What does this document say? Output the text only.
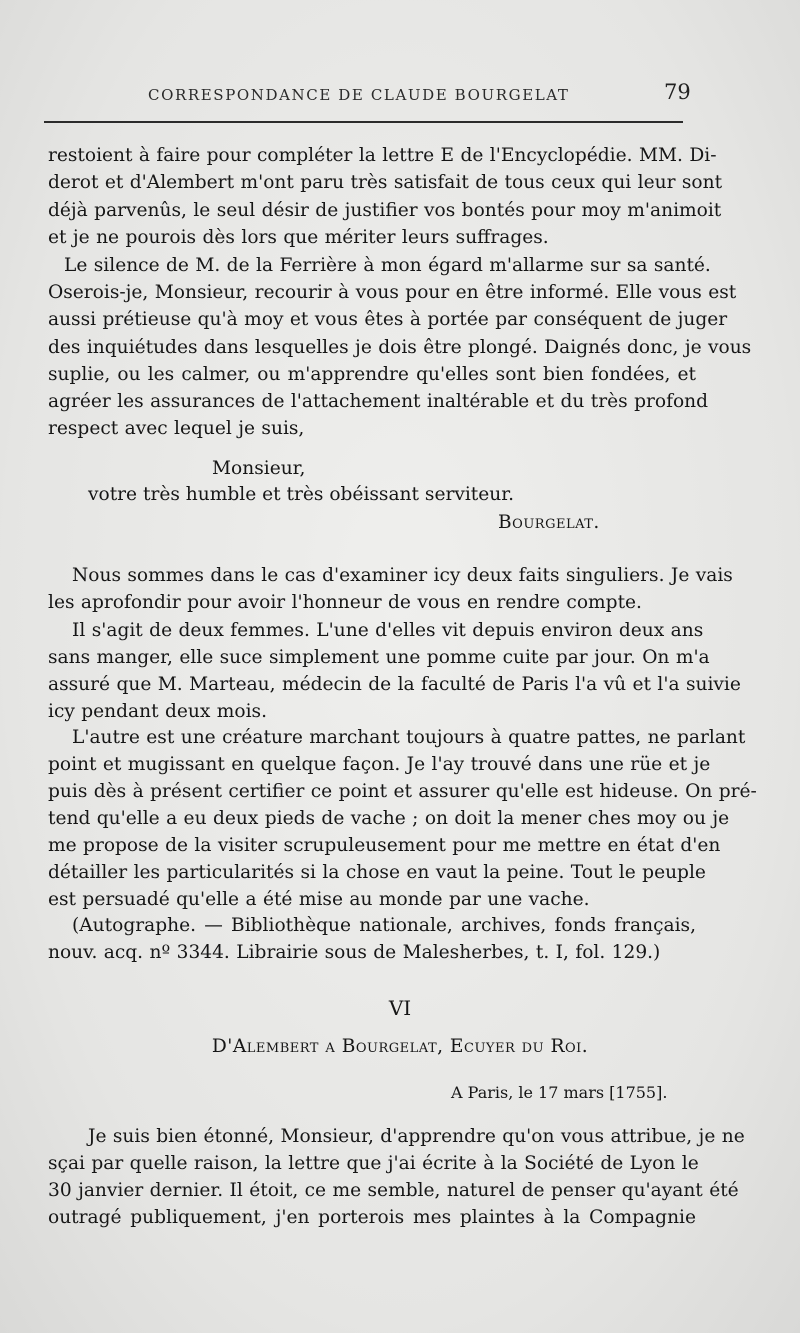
CORRESPONDANCE DE CLAUDE BOURGELAT	79
restoient à faire pour compléter la lettre E de l'Encyclopédie. MM. Di-
derot et d'Alembert m'ont paru très satisfait de tous ceux qui leur sont
déjà parvenûs, le seul désir de justifier vos bontés pour moy m'animoit
et je ne pourois dès lors que mériter leurs suffrages.
Le silence de M. de la Ferrière à mon égard m'allarme sur sa santé.
Oserois-je, Monsieur, recourir à vous pour en être informé. Elle vous est
aussi prétieuse qu'à moy et vous êtes à portée par conséquent de juger
des inquiétudes dans lesquelles je dois être plongé. Daignés donc, je vous
suplie, ou les calmer, ou m'apprendre qu'elles sont bien fondées, et
agréer les assurances de l'attachement inaltérable et du très profond
respect avec lequel je suis,
Monsieur,
votre très humble et très obéissant serviteur.
Bourgelat.
Nous sommes dans le cas d'examiner icy deux faits singuliers. Je vais
les aprofondir pour avoir l'honneur de vous en rendre compte.
Il s'agit de deux femmes. L'une d'elles vit depuis environ deux ans
sans manger, elle suce simplement une pomme cuite par jour. On m'a
assuré que M. Marteau, médecin de la faculté de Paris l'a vû et l'a suivie
icy pendant deux mois.
L'autre est une créature marchant toujours à quatre pattes, ne parlant
point et mugissant en quelque façon. Je l'ay trouvé dans une rüe et je
puis dès à présent certifier ce point et assurer qu'elle est hideuse. On pré-
tend qu'elle a eu deux pieds de vache ; on doit la mener ches moy ou je
me propose de la visiter scrupuleusement pour me mettre en état d'en
détailler les particularités si la chose en vaut la peine. Tout le peuple
est persuadé qu'elle a été mise au monde par une vache.
(Autographe. — Bibliothèque nationale, archives, fonds français,
nouv. acq. nº 3344. Librairie sous de Malesherbes, t. I, fol. 129.)
VI
D'Alembert a Bourgelat, Ecuyer du Roi.
A Paris, le 17 mars [1755].
Je suis bien étonné, Monsieur, d'apprendre qu'on vous attribue, je ne
sçai par quelle raison, la lettre que j'ai écrite à la Société de Lyon le
30 janvier dernier. Il étoit, ce me semble, naturel de penser qu'ayant été
outragé publiquement, j'en porterois mes plaintes à la Compagnie
